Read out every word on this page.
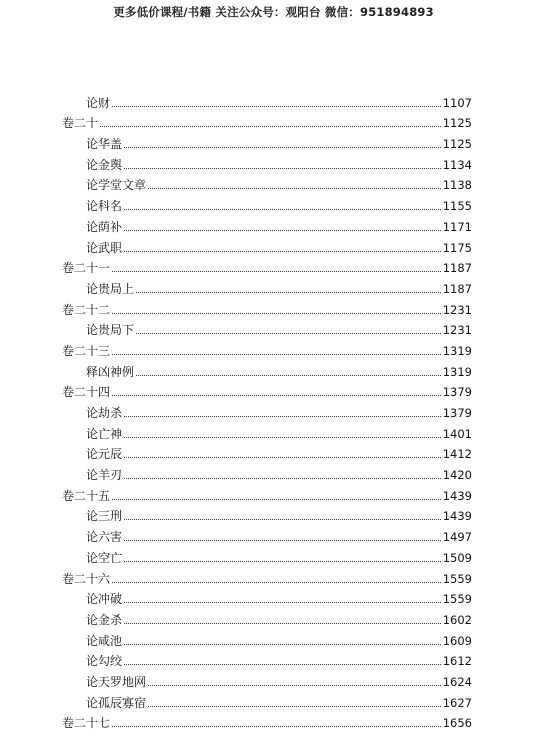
更多低价课程/书籍 关注公众号：观阳台 微信：951894893
论财	1107
卷二十	1125
论华盖	1125
论金舆	1134
论学堂文章	1138
论科名	1155
论荫补	1171
论武职	1175
卷二十一	1187
论贵局上	1187
卷二十二	1231
论贵局下	1231
卷二十三	1319
释凶神例	1319
卷二十四	1379
论劫杀	1379
论亡神	1401
论元辰	1412
论羊刃	1420
卷二十五	1439
论三刑	1439
论六害	1497
论空亡	1509
卷二十六	1559
论冲破	1559
论金杀	1602
论咸池	1609
论勾绞	1612
论天罗地网	1624
论孤辰寡宿	1627
卷二十七	1656
